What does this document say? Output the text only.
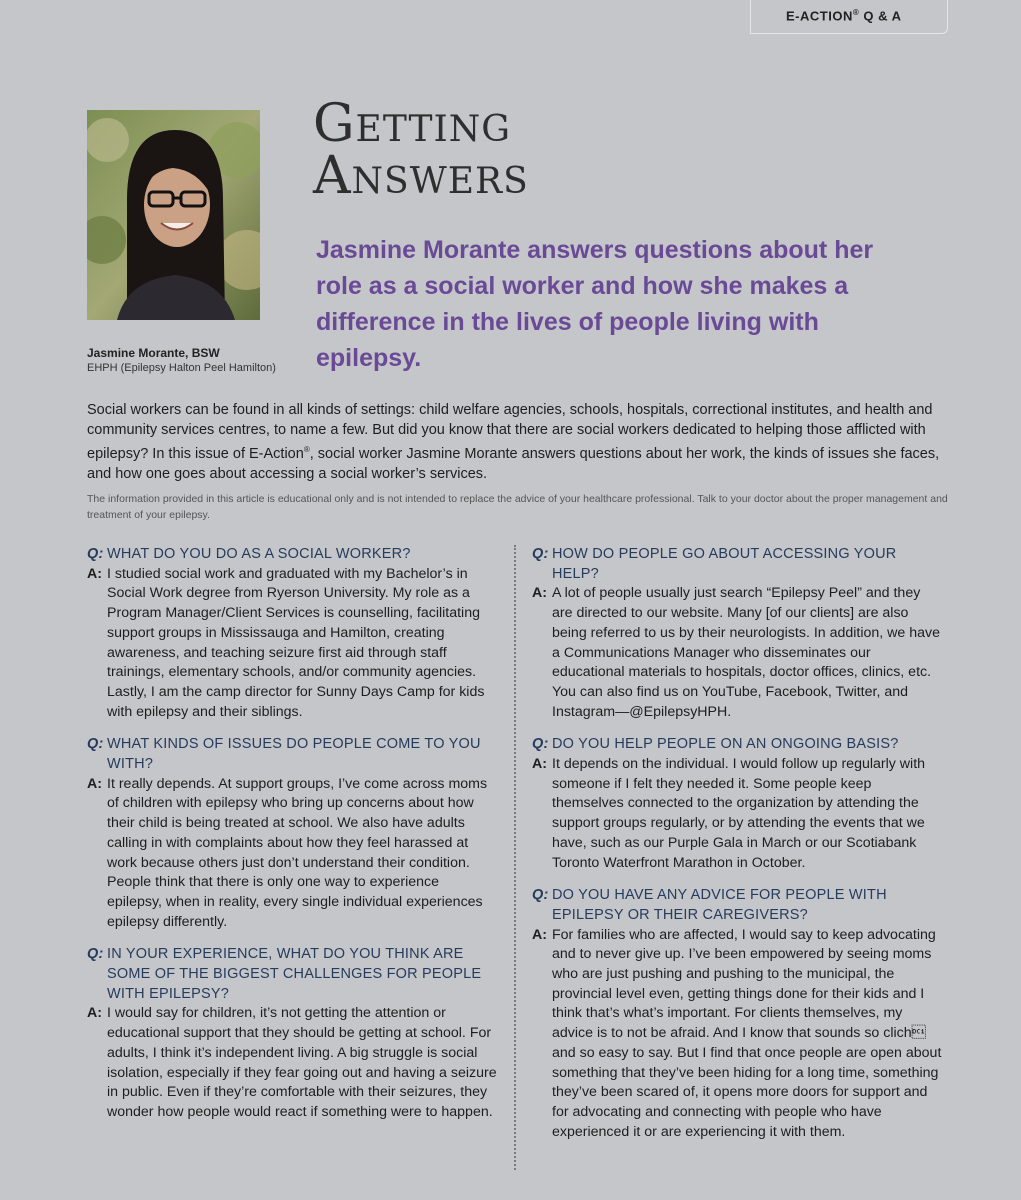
E-ACTION® Q & A
Jasmine Morante, BSW
EHPH (Epilepsy Halton Peel Hamilton)
Getting
Answers
Jasmine Morante answers questions about her role as a social worker and how she makes a difference in the lives of people living with epilepsy.
Social workers can be found in all kinds of settings: child welfare agencies, schools, hospitals, correctional institutes, and health and community services centres, to name a few. But did you know that there are social workers dedicated to helping those afflicted with epilepsy? In this issue of E-Action®, social worker Jasmine Morante answers questions about her work, the kinds of issues she faces, and how one goes about accessing a social worker’s services.
The information provided in this article is educational only and is not intended to replace the advice of your healthcare professional. Talk to your doctor about the proper management and treatment of your epilepsy.
Q: WHAT DO YOU DO AS A SOCIAL WORKER?
A: I studied social work and graduated with my Bachelor’s in Social Work degree from Ryerson University. My role as a Program Manager/Client Services is counselling, facilitating support groups in Mississauga and Hamilton, creating awareness, and teaching seizure first aid through staff trainings, elementary schools, and/or community agencies. Lastly, I am the camp director for Sunny Days Camp for kids with epilepsy and their siblings.
Q: WHAT KINDS OF ISSUES DO PEOPLE COME TO YOU WITH?
A: It really depends. At support groups, I’ve come across moms of children with epilepsy who bring up concerns about how their child is being treated at school. We also have adults calling in with complaints about how they feel harassed at work because others just don’t understand their condition. People think that there is only one way to experience epilepsy, when in reality, every single individual experiences epilepsy differently.
Q: IN YOUR EXPERIENCE, WHAT DO YOU THINK ARE SOME OF THE BIGGEST CHALLENGES FOR PEOPLE WITH EPILEPSY?
A: I would say for children, it’s not getting the attention or educational support that they should be getting at school. For adults, I think it’s independent living. A big struggle is social isolation, especially if they fear going out and having a seizure in public. Even if they’re comfortable with their seizures, they wonder how people would react if something were to happen.
Q: HOW DO PEOPLE GO ABOUT ACCESSING YOUR HELP?
A: A lot of people usually just search “Epilepsy Peel” and they are directed to our website. Many [of our clients] are also being referred to us by their neurologists. In addition, we have a Communications Manager who disseminates our educational materials to hospitals, doctor offices, clinics, etc. You can also find us on YouTube, Facebook, Twitter, and Instagram—@EpilepsyHPH.
Q: DO YOU HELP PEOPLE ON AN ONGOING BASIS?
A: It depends on the individual. I would follow up regularly with someone if I felt they needed it. Some people keep themselves connected to the organization by attending the support groups regularly, or by attending the events that we have, such as our Purple Gala in March or our Scotiabank Toronto Waterfront Marathon in October.
Q: DO YOU HAVE ANY ADVICE FOR PEOPLE WITH EPILEPSY OR THEIR CAREGIVERS?
A: For families who are affected, I would say to keep advocating and to never give up. I’ve been empowered by seeing moms who are just pushing and pushing to the municipal, the provincial level even, getting things done for their kids and I think that’s what’s important. For clients themselves, my advice is to not be afraid. And I know that sounds so clich and so easy to say. But I find that once people are open about something that they’ve been hiding for a long time, something they’ve been scared of, it opens more doors for support and for advocating and connecting with people who have experienced it or are experiencing it with them.
